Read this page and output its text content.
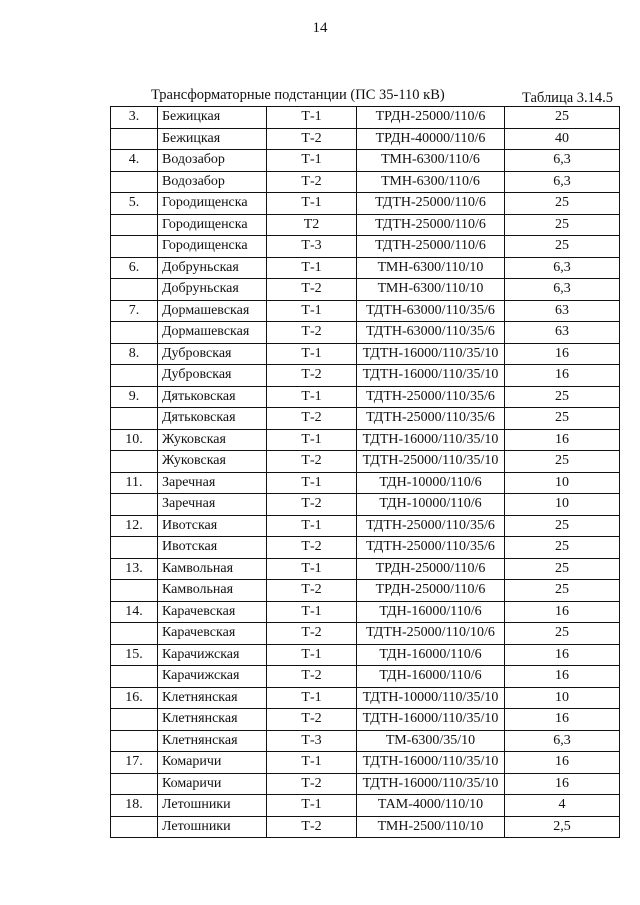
14
Трансформаторные подстанции (ПС 35-110 кВ)	Таблица 3.14.5
3.	Бежицкая	Т-1	ТРДН-25000/110/6	25
	Бежицкая	Т-2	ТРДН-40000/110/6	40
4.	Водозабор	Т-1	ТМН-6300/110/6	6,3
	Водозабор	Т-2	ТМН-6300/110/6	6,3
5.	Городищенска	Т-1	ТДТН-25000/110/6	25
	Городищенска	Т2	ТДТН-25000/110/6	25
	Городищенска	Т-3	ТДТН-25000/110/6	25
6.	Добруньская	Т-1	ТМН-6300/110/10	6,3
	Добруньская	Т-2	ТМН-6300/110/10	6,3
7.	Дормашевская	Т-1	ТДТН-63000/110/35/6	63
	Дормашевская	Т-2	ТДТН-63000/110/35/6	63
8.	Дубровская	Т-1	ТДТН-16000/110/35/10	16
	Дубровская	Т-2	ТДТН-16000/110/35/10	16
9.	Дятьковская	Т-1	ТДТН-25000/110/35/6	25
	Дятьковская	Т-2	ТДТН-25000/110/35/6	25
10.	Жуковская	Т-1	ТДТН-16000/110/35/10	16
	Жуковская	Т-2	ТДТН-25000/110/35/10	25
11.	Заречная	Т-1	ТДН-10000/110/6	10
	Заречная	Т-2	ТДН-10000/110/6	10
12.	Ивотская	Т-1	ТДТН-25000/110/35/6	25
	Ивотская	Т-2	ТДТН-25000/110/35/6	25
13.	Камвольная	Т-1	ТРДН-25000/110/6	25
	Камвольная	Т-2	ТРДН-25000/110/6	25
14.	Карачевская	Т-1	ТДН-16000/110/6	16
	Карачевская	Т-2	ТДТН-25000/110/10/6	25
15.	Карачижская	Т-1	ТДН-16000/110/6	16
	Карачижская	Т-2	ТДН-16000/110/6	16
16.	Клетнянская	Т-1	ТДТН-10000/110/35/10	10
	Клетнянская	Т-2	ТДТН-16000/110/35/10	16
	Клетнянская	Т-3	ТМ-6300/35/10	6,3
17.	Комаричи	Т-1	ТДТН-16000/110/35/10	16
	Комаричи	Т-2	ТДТН-16000/110/35/10	16
18.	Летошники	Т-1	ТАМ-4000/110/10	4
	Летошники	Т-2	ТМН-2500/110/10	2,5
